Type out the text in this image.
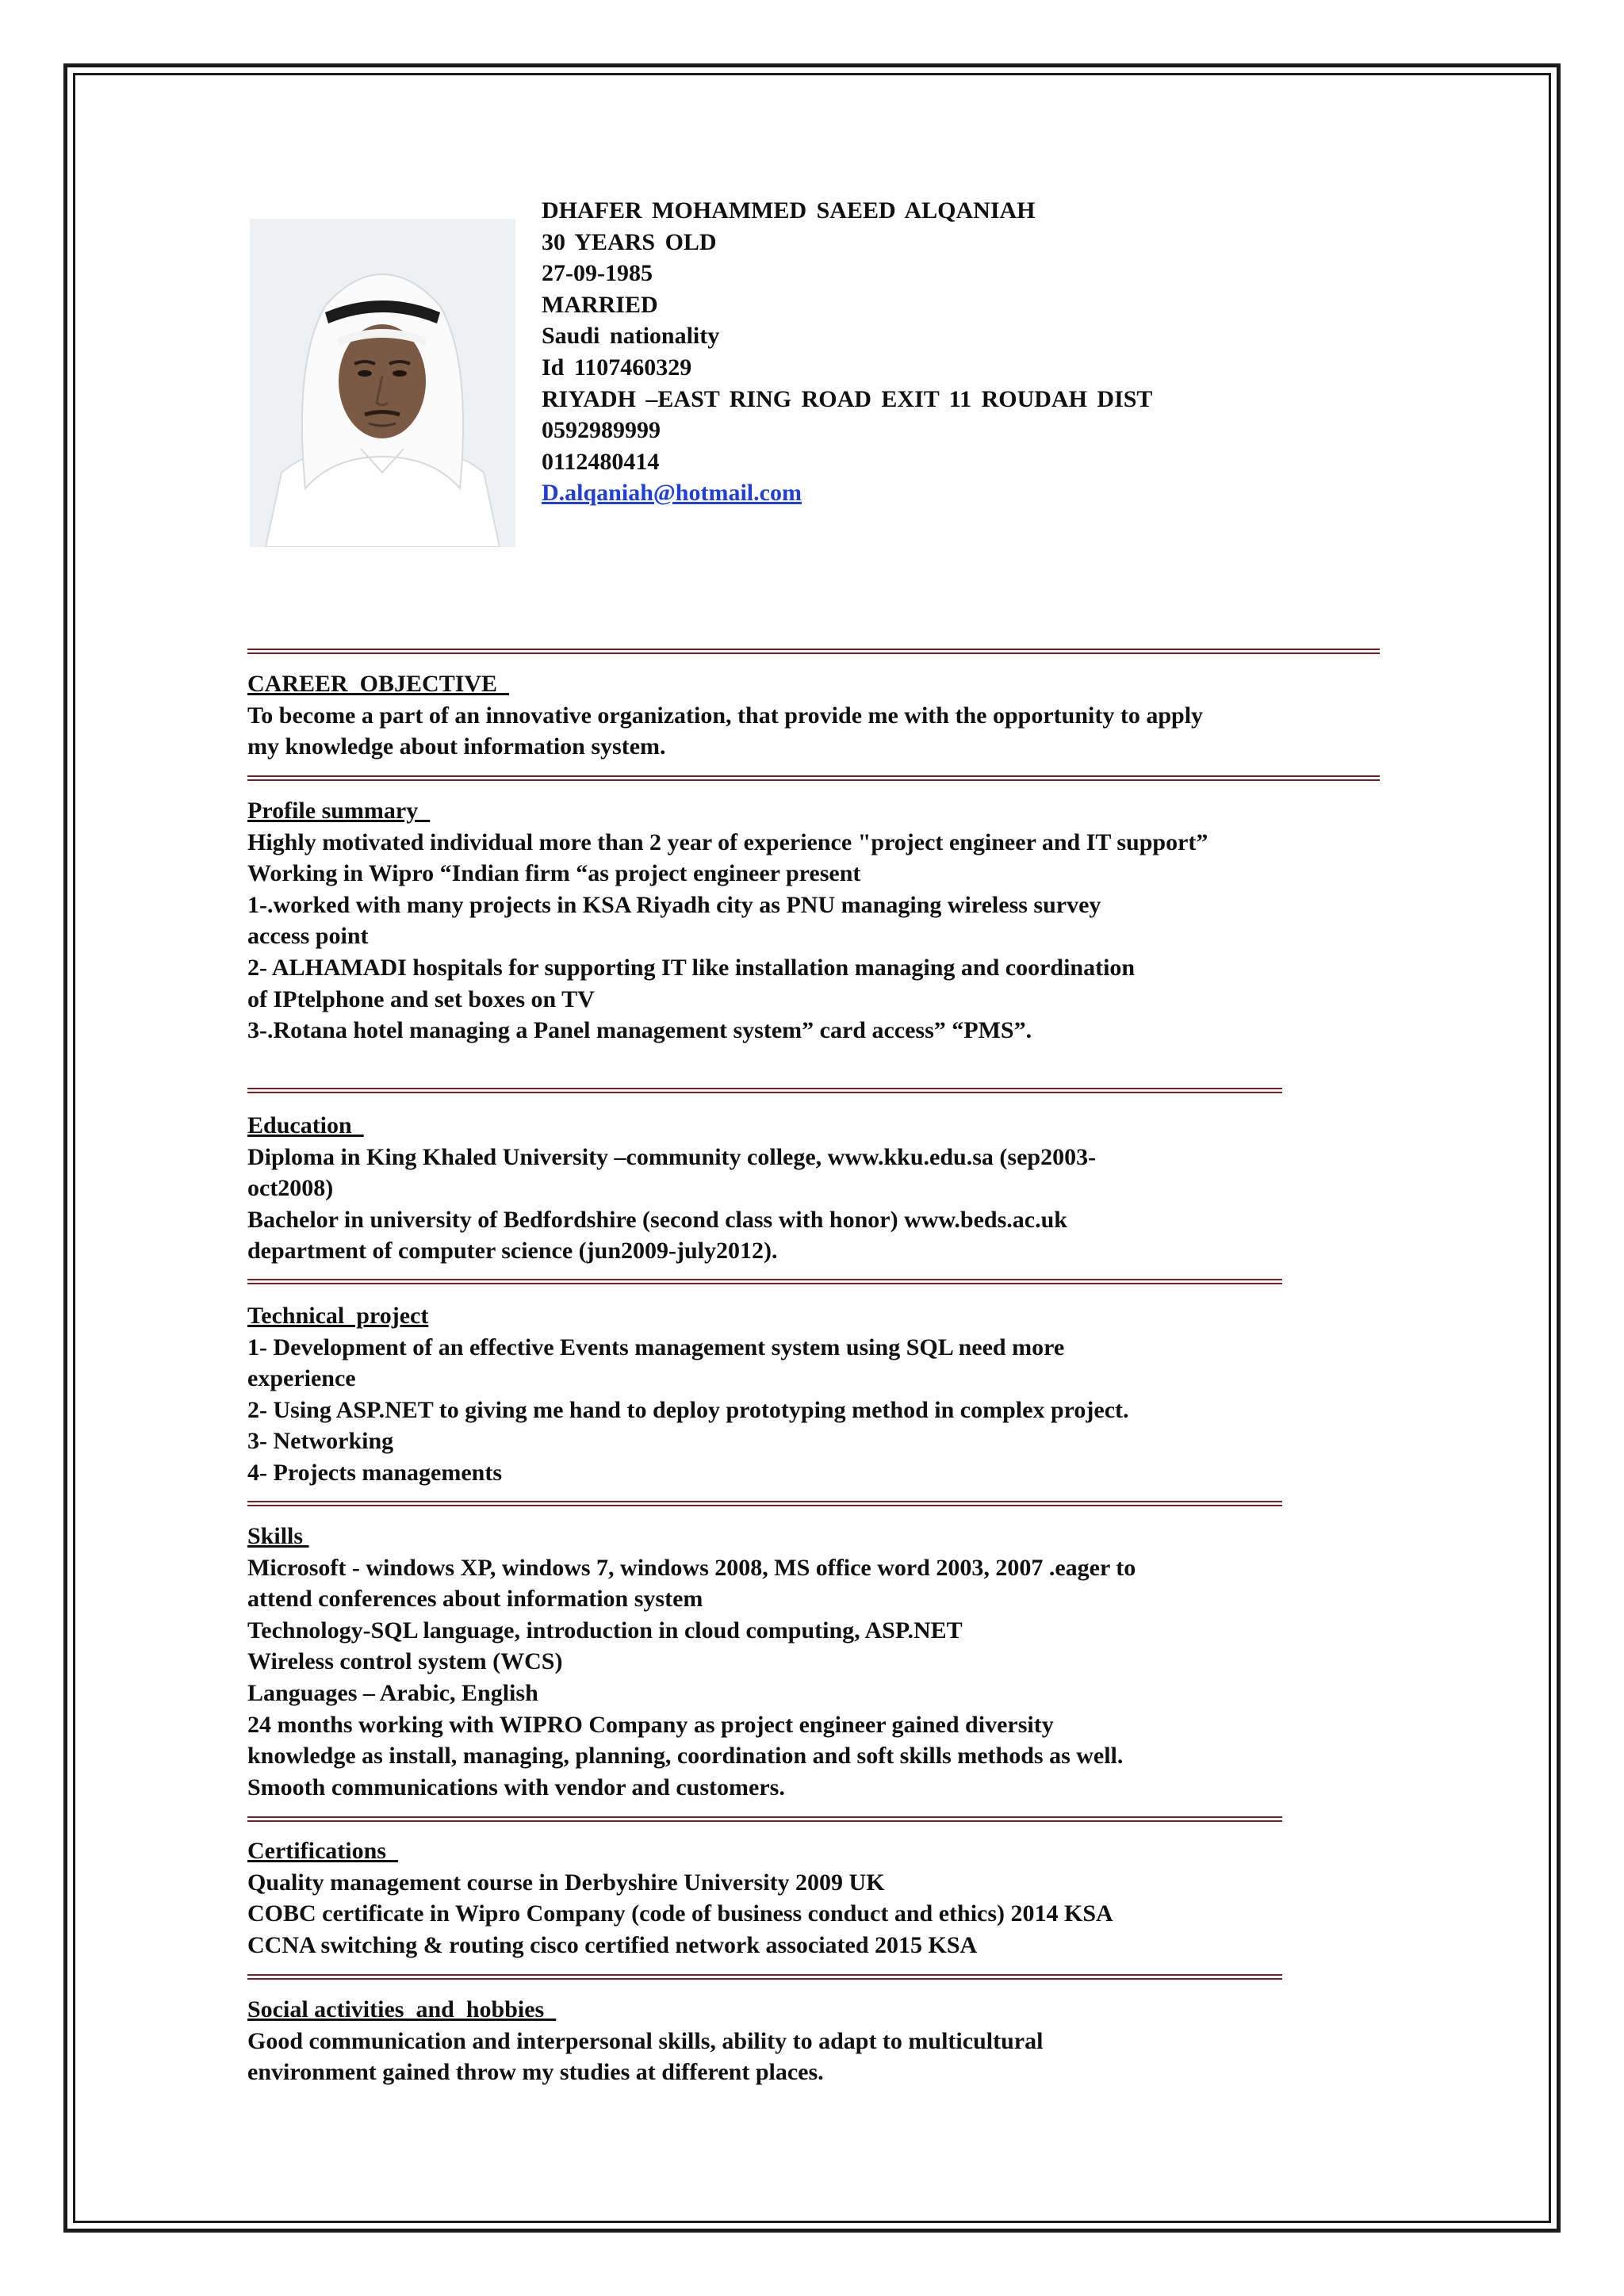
DHAFER MOHAMMED SAEED ALQANIAH
30 YEARS OLD
27-09-1985
MARRIED
Saudi nationality
Id 1107460329
RIYADH –EAST RING ROAD EXIT 11 ROUDAH DIST
0592989999
0112480414
D.alqaniah@hotmail.com
CAREER  OBJECTIVE
To become a part of an innovative organization, that provide me with the opportunity to apply
my knowledge about information system.
Profile summary
Highly motivated individual more than 2 year of experience "project engineer and IT support”
Working in Wipro “Indian firm “as project engineer present
1-.worked with many projects in KSA Riyadh city as PNU managing wireless survey
access point
2- ALHAMADI hospitals for supporting IT like installation managing and coordination
of IPtelphone and set boxes on TV
3-.Rotana hotel managing a Panel management system” card access” “PMS”.
Education
Diploma in King Khaled University –community college, www.kku.edu.sa (sep2003-
oct2008)
Bachelor in university of Bedfordshire (second class with honor) www.beds.ac.uk
department of computer science (jun2009-july2012).
Technical  project
1- Development of an effective Events management system using SQL need more
experience
2- Using ASP.NET to giving me hand to deploy prototyping method in complex project.
3- Networking
4- Projects managements
Skills
Microsoft - windows XP, windows 7, windows 2008, MS office word 2003, 2007 .eager to
attend conferences about information system
Technology-SQL language, introduction in cloud computing, ASP.NET
Wireless control system (WCS)
Languages – Arabic, English
24 months working with WIPRO Company as project engineer gained diversity
knowledge as install, managing, planning, coordination and soft skills methods as well.
Smooth communications with vendor and customers.
Certifications
Quality management course in Derbyshire University 2009 UK
COBC certificate in Wipro Company (code of business conduct and ethics) 2014 KSA
CCNA switching & routing cisco certified network associated 2015 KSA
Social activities  and  hobbies
Good communication and interpersonal skills, ability to adapt to multicultural
environment gained throw my studies at different places.
